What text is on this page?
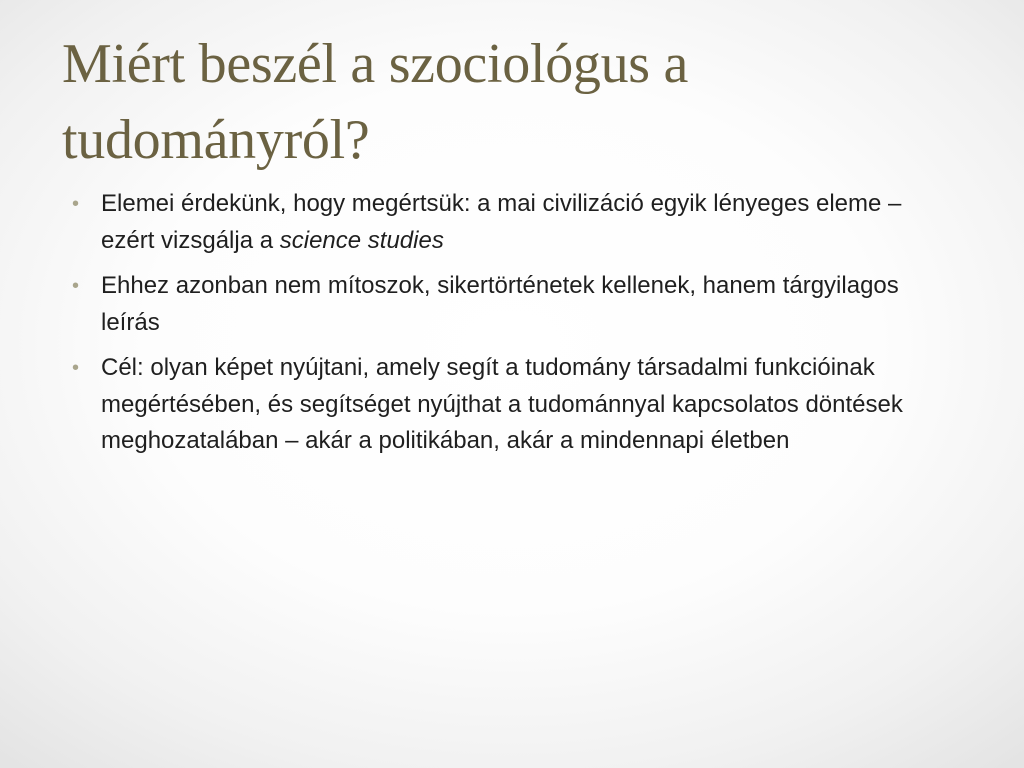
Miért beszél a szociológus a tudományról?
• Elemei érdekünk, hogy megértsük: a mai civilizáció egyik lényeges eleme – ezért vizsgálja a science studies
• Ehhez azonban nem mítoszok, sikertörténetek kellenek, hanem tárgyilagos leírás
• Cél: olyan képet nyújtani, amely segít a tudomány társadalmi funkcióinak megértésében, és segítséget nyújthat a tudománnyal kapcsolatos döntések meghozatalában – akár a politikában, akár a mindennapi életben
